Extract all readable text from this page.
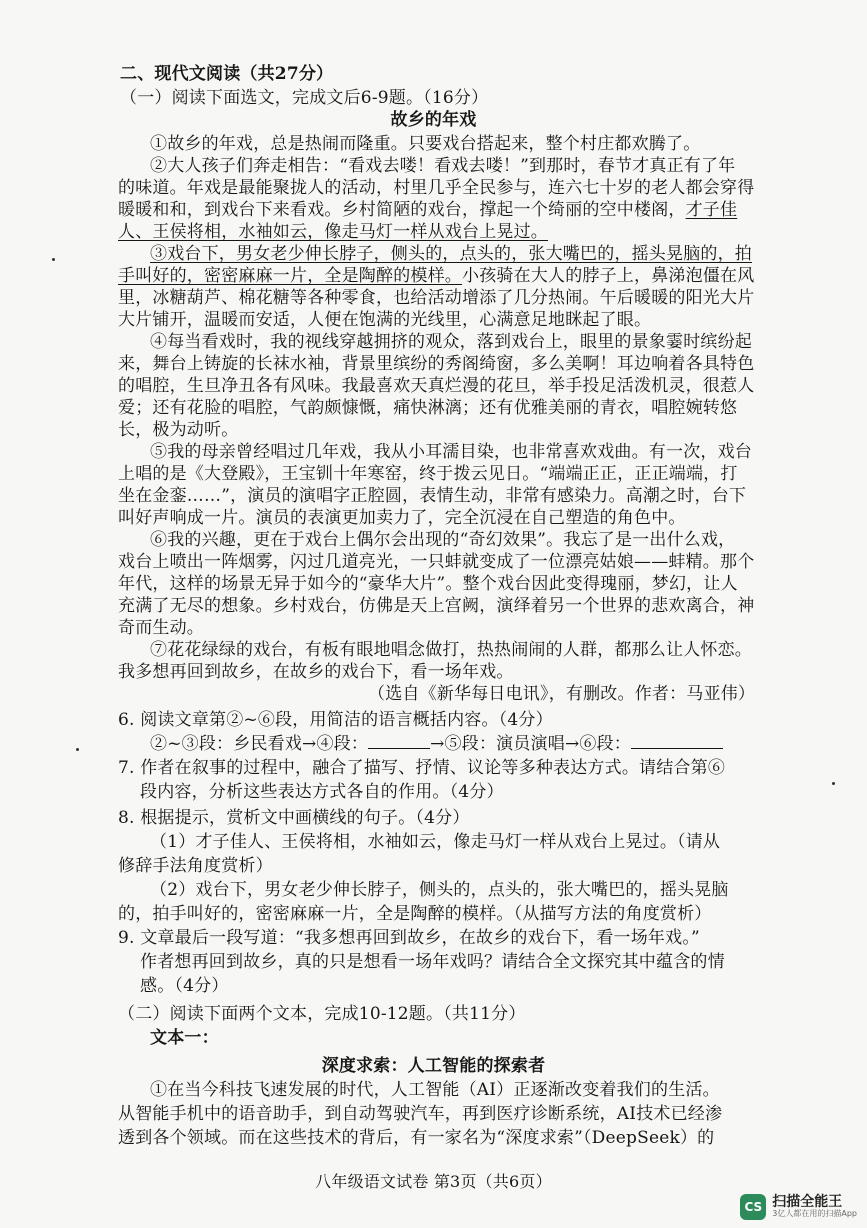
二、现代文阅读（共27分）
（一）阅读下面选文，完成文后6-9题。（16分）
故乡的年戏
①故乡的年戏，总是热闹而隆重。只要戏台搭起来，整个村庄都欢腾了。
②大人孩子们奔走相告：“看戏去喽！看戏去喽！”到那时，春节才真正有了年
的味道。年戏是最能聚拢人的活动，村里几乎全民参与，连六七十岁的老人都会穿得
暖暖和和，到戏台下来看戏。乡村简陋的戏台，撑起一个绮丽的空中楼阁，才子佳
人、王侯将相，水袖如云，像走马灯一样从戏台上晃过。
③戏台下，男女老少伸长脖子，侧头的，点头的，张大嘴巴的，摇头晃脑的，拍
手叫好的，密密麻麻一片，全是陶醉的模样。小孩骑在大人的脖子上，鼻涕泡僵在风
里，冰糖葫芦、棉花糖等各种零食，也给活动增添了几分热闹。午后暖暖的阳光大片
大片铺开，温暖而安适，人便在饱满的光线里，心满意足地眯起了眼。
④每当看戏时，我的视线穿越拥挤的观众，落到戏台上，眼里的景象霎时缤纷起
来，舞台上铸旋的长袜水袖，背景里缤纷的秀阁绮窗，多么美啊！耳边响着各具特色
的唱腔，生旦净丑各有风味。我最喜欢天真烂漫的花旦，举手投足活泼机灵，很惹人
爱；还有花脸的唱腔，气韵颇慷慨，痛快淋漓；还有优雅美丽的青衣，唱腔婉转悠
长，极为动听。
⑤我的母亲曾经唱过几年戏，我从小耳濡目染，也非常喜欢戏曲。有一次，戏台
上唱的是《大登殿》，王宝钏十年寒窑，终于拨云见日。“端端正正，正正端端，打
坐在金銮……”，演员的演唱字正腔圆，表情生动，非常有感染力。高潮之时，台下
叫好声响成一片。演员的表演更加卖力了，完全沉浸在自己塑造的角色中。
⑥我的兴趣，更在于戏台上偶尔会出现的“奇幻效果”。我忘了是一出什么戏，
戏台上喷出一阵烟雾，闪过几道亮光，一只蚌就变成了一位漂亮姑娘——蚌精。那个
年代，这样的场景无异于如今的“豪华大片”。整个戏台因此变得瑰丽，梦幻，让人
充满了无尽的想象。乡村戏台，仿佛是天上宫阙，演绎着另一个世界的悲欢离合，神
奇而生动。
⑦花花绿绿的戏台，有板有眼地唱念做打，热热闹闹的人群，都那么让人怀恋。
我多想再回到故乡，在故乡的戏台下，看一场年戏。
（选自《新华每日电讯》，有删改。作者：马亚伟）
6. 阅读文章第②~⑥段，用简洁的语言概括内容。（4分）
②~③段：乡民看戏→④段：	→⑤段：演员演唱→⑥段：
7. 作者在叙事的过程中，融合了描写、抒情、议论等多种表达方式。请结合第⑥
段内容，分析这些表达方式各自的作用。（4分）
8. 根据提示，赏析文中画横线的句子。（4分）
（1）才子佳人、王侯将相，水袖如云，像走马灯一样从戏台上晃过。（请从
修辞手法角度赏析）
（2）戏台下，男女老少伸长脖子，侧头的，点头的，张大嘴巴的，摇头晃脑
的，拍手叫好的，密密麻麻一片，全是陶醉的模样。（从描写方法的角度赏析）
9. 文章最后一段写道：“我多想再回到故乡，在故乡的戏台下，看一场年戏。”
作者想再回到故乡，真的只是想看一场年戏吗？请结合全文探究其中蕴含的情
感。（4分）
（二）阅读下面两个文本，完成10-12题。（共11分）
文本一：
深度求索：人工智能的探索者
①在当今科技飞速发展的时代，人工智能（AI）正逐渐改变着我们的生活。
从智能手机中的语音助手，到自动驾驶汽车，再到医疗诊断系统，AI技术已经渗
透到各个领域。而在这些技术的背后，有一家名为“深度求索”（DeepSeek）的
八年级语文试卷 第3页（共6页）
CS 扫描全能王
3亿人都在用的扫描App
